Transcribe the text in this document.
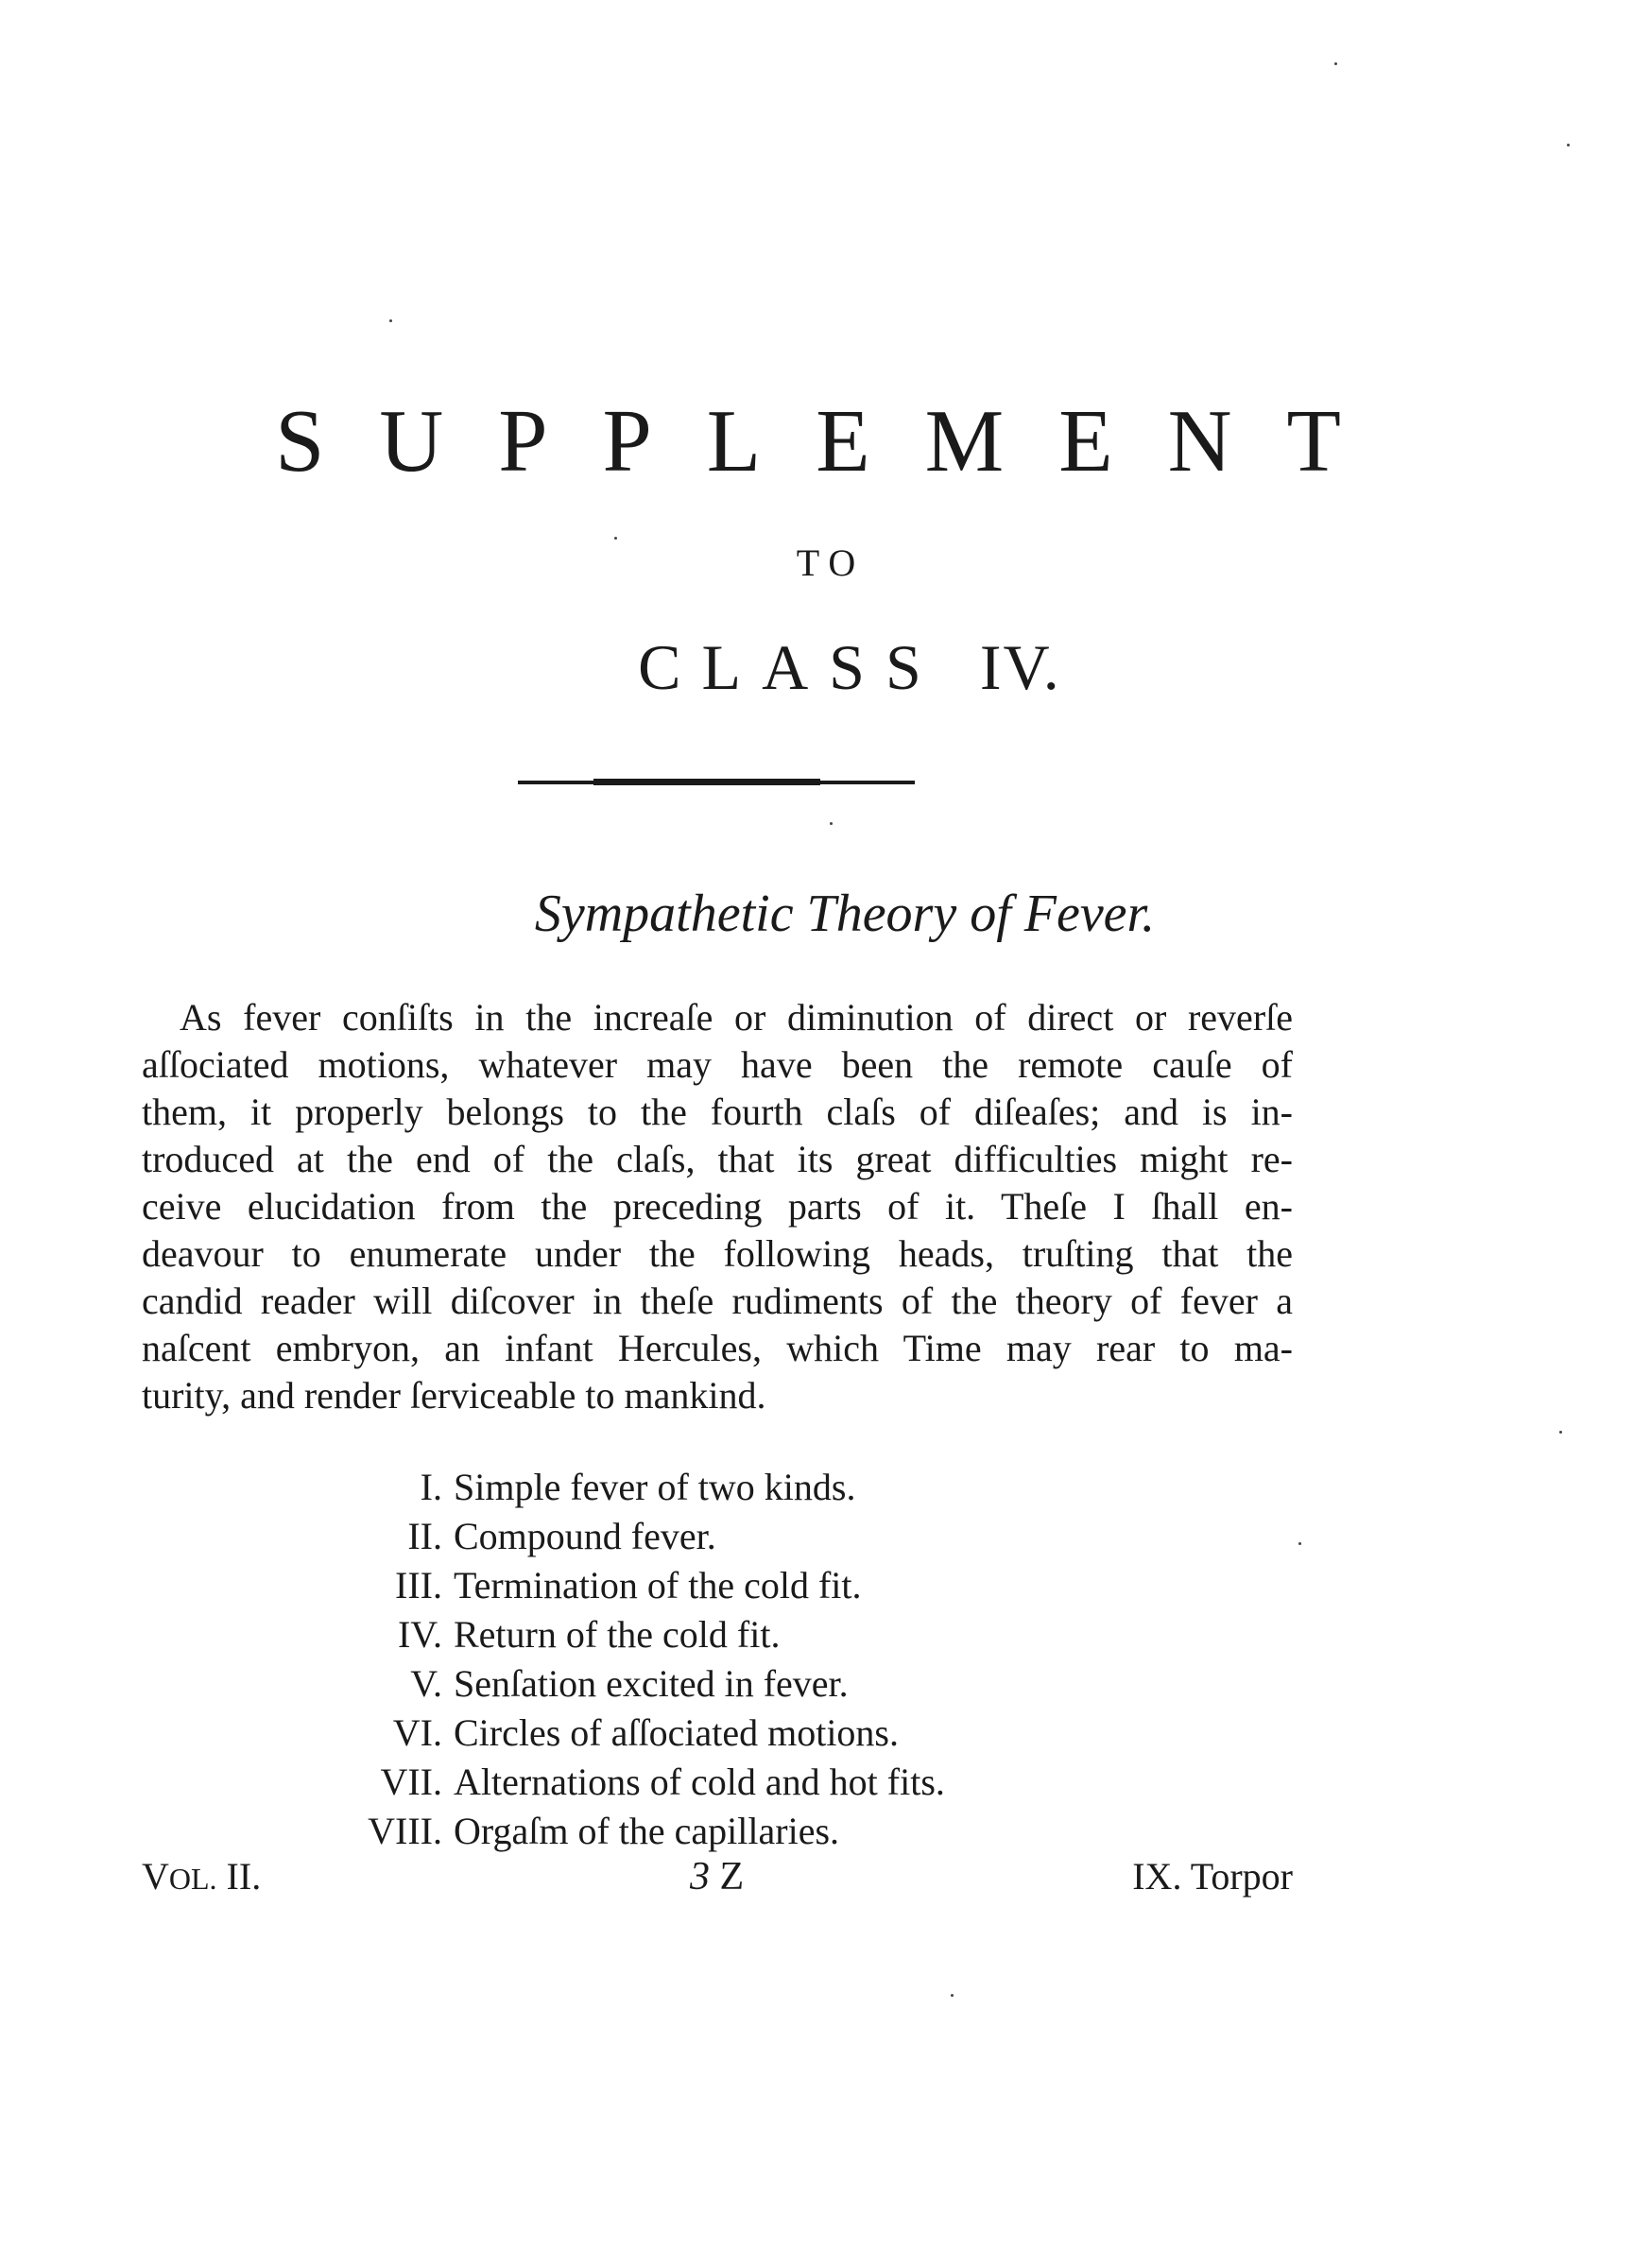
SUPPLEMENT
TO
CLASS IV.
Sympathetic Theory of Fever.
As fever conſiſts in the increaſe or diminution of direct or reverſe
aſſociated motions, whatever may have been the remote cauſe of
them, it properly belongs to the fourth claſs of diſeaſes; and is in-
troduced at the end of the claſs, that its great difficulties might re-
ceive elucidation from the preceding parts of it. Theſe I ſhall en-
deavour to enumerate under the following heads, truſting that the
candid reader will diſcover in theſe rudiments of the theory of fever a
naſcent embryon, an infant Hercules, which Time may rear to ma-
turity, and render ſerviceable to mankind.
I. Simple fever of two kinds.
II. Compound fever.
III. Termination of the cold fit.
IV. Return of the cold fit.
V. Senſation excited in fever.
VI. Circles of aſſociated motions.
VII. Alternations of cold and hot fits.
VIII. Orgaſm of the capillaries.
VOL. II.	3 Z	IX. Torpor
